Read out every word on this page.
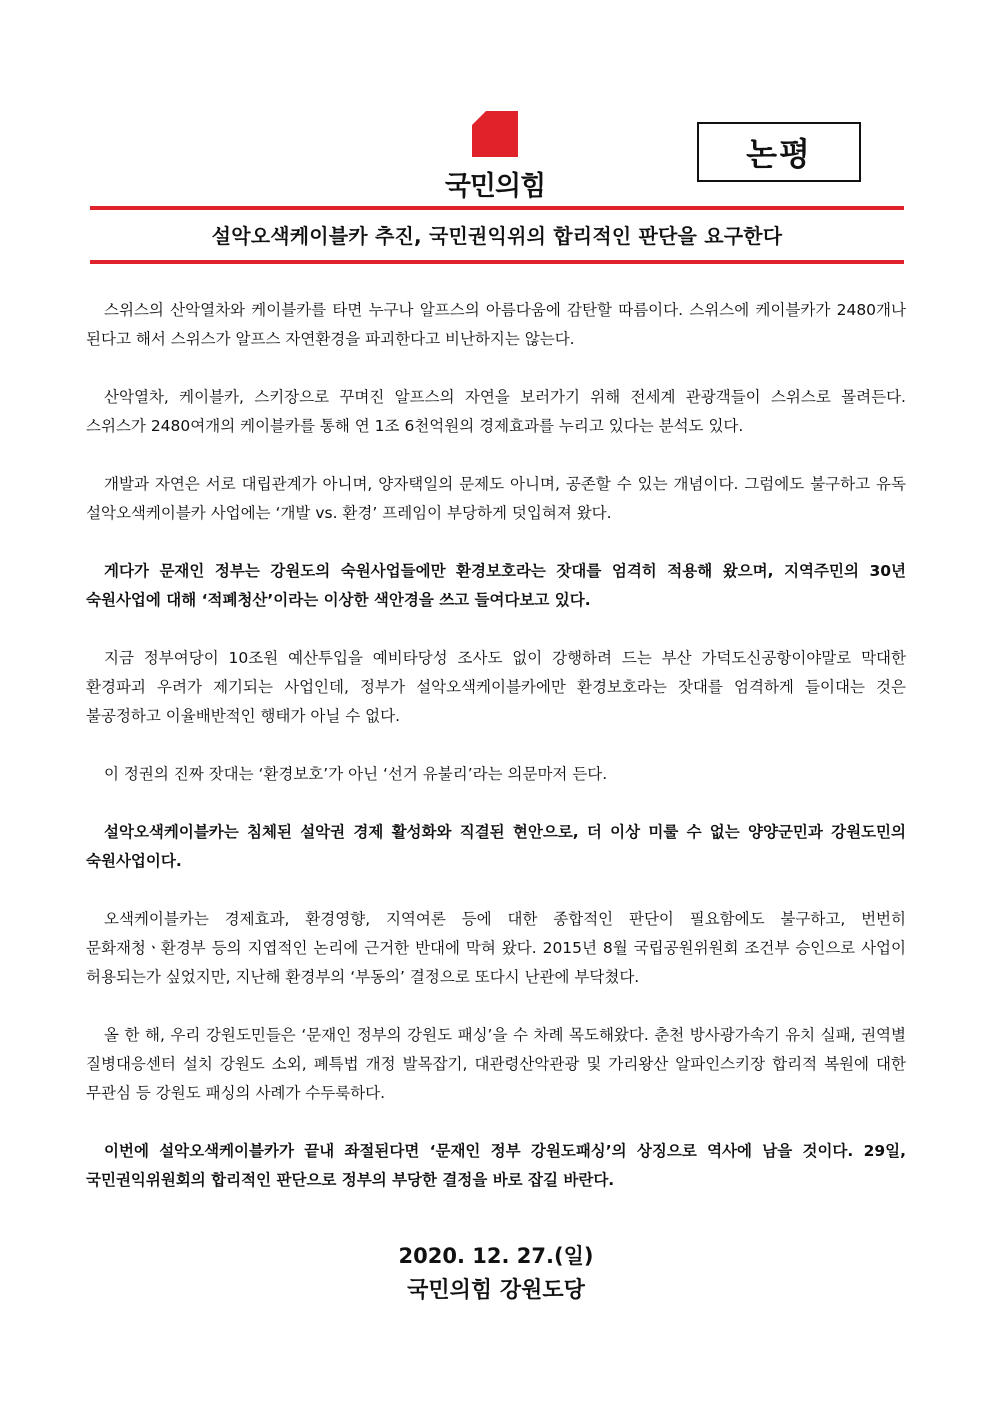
국민의힘
논평
설악오색케이블카 추진, 국민권익위의 합리적인 판단을 요구한다

스위스의 산악열차와 케이블카를 타면 누구나 알프스의 아름다움에 감탄할 따름이다. 스위스에 케이블카가 2480개나 된다고 해서 스위스가 알프스 자연환경을 파괴한다고 비난하지는 않는다.

산악열차, 케이블카, 스키장으로 꾸며진 알프스의 자연을 보러가기 위해 전세계 관광객들이 스위스로 몰려든다. 스위스가 2480여개의 케이블카를 통해 연 1조 6천억원의 경제효과를 누리고 있다는 분석도 있다.

개발과 자연은 서로 대립관계가 아니며, 양자택일의 문제도 아니며, 공존할 수 있는 개념이다. 그럼에도 불구하고 유독 설악오색케이블카 사업에는 ‘개발 vs. 환경’ 프레임이 부당하게 덧입혀져 왔다.

게다가 문재인 정부는 강원도의 숙원사업들에만 환경보호라는 잣대를 엄격히 적용해 왔으며, 지역주민의 30년 숙원사업에 대해 ‘적폐청산’이라는 이상한 색안경을 쓰고 들여다보고 있다.

지금 정부여당이 10조원 예산투입을 예비타당성 조사도 없이 강행하려 드는 부산 가덕도신공항이야말로 막대한 환경파괴 우려가 제기되는 사업인데, 정부가 설악오색케이블카에만 환경보호라는 잣대를 엄격하게 들이대는 것은 불공정하고 이율배반적인 행태가 아닐 수 없다.

이 정권의 진짜 잣대는 ‘환경보호’가 아닌 ‘선거 유불리’라는 의문마저 든다.

설악오색케이블카는 침체된 설악권 경제 활성화와 직결된 현안으로, 더 이상 미룰 수 없는 양양군민과 강원도민의 숙원사업이다.

오색케이블카는 경제효과, 환경영향, 지역여론 등에 대한 종합적인 판단이 필요함에도 불구하고, 번번히 문화재청ㆍ환경부 등의 지엽적인 논리에 근거한 반대에 막혀 왔다. 2015년 8월 국립공원위원회 조건부 승인으로 사업이 허용되는가 싶었지만, 지난해 환경부의 ‘부동의’ 결정으로 또다시 난관에 부닥쳤다.

올 한 해, 우리 강원도민들은 ‘문재인 정부의 강원도 패싱’을 수 차례 목도해왔다. 춘천 방사광가속기 유치 실패, 권역별 질병대응센터 설치 강원도 소외, 폐특법 개정 발목잡기, 대관령산악관광 및 가리왕산 알파인스키장 합리적 복원에 대한 무관심 등 강원도 패싱의 사례가 수두룩하다.

이번에 설악오색케이블카가 끝내 좌절된다면 ‘문재인 정부 강원도패싱’의 상징으로 역사에 남을 것이다. 29일, 국민권익위원회의 합리적인 판단으로 정부의 부당한 결정을 바로 잡길 바란다.

2020. 12. 27.(일)
국민의힘 강원도당
